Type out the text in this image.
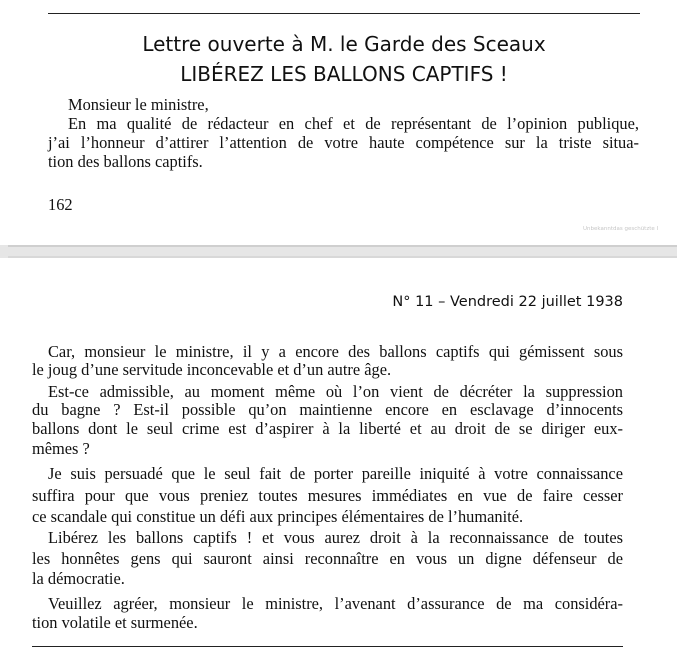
Lettre ouverte à M. le Garde des Sceaux
LIBÉREZ LES BALLONS CAPTIFS !
Monsieur le ministre,
En ma qualité de rédacteur en chef et de représentant de l’opinion publique,
j’ai l’honneur d’attirer l’attention de votre haute compétence sur la triste situa-
tion des ballons captifs.
162
Unbekanntdas geschützte I
N° 11 – Vendredi 22 juillet 1938
Car, monsieur le ministre, il y a encore des ballons captifs qui gémissent sous
le joug d’une servitude inconcevable et d’un autre âge.
Est-ce admissible, au moment même où l’on vient de décréter la suppression
du bagne ? Est-il possible qu’on maintienne encore en esclavage d’innocents
ballons dont le seul crime est d’aspirer à la liberté et au droit de se diriger eux-
mêmes ?
Je suis persuadé que le seul fait de porter pareille iniquité à votre connaissance
suffira pour que vous preniez toutes mesures immédiates en vue de faire cesser
ce scandale qui constitue un défi aux principes élémentaires de l’humanité.
Libérez les ballons captifs ! et vous aurez droit à la reconnaissance de toutes
les honnêtes gens qui sauront ainsi reconnaître en vous un digne défenseur de
la démocratie.
Veuillez agréer, monsieur le ministre, l’avenant d’assurance de ma considéra-
tion volatile et surmenée.
